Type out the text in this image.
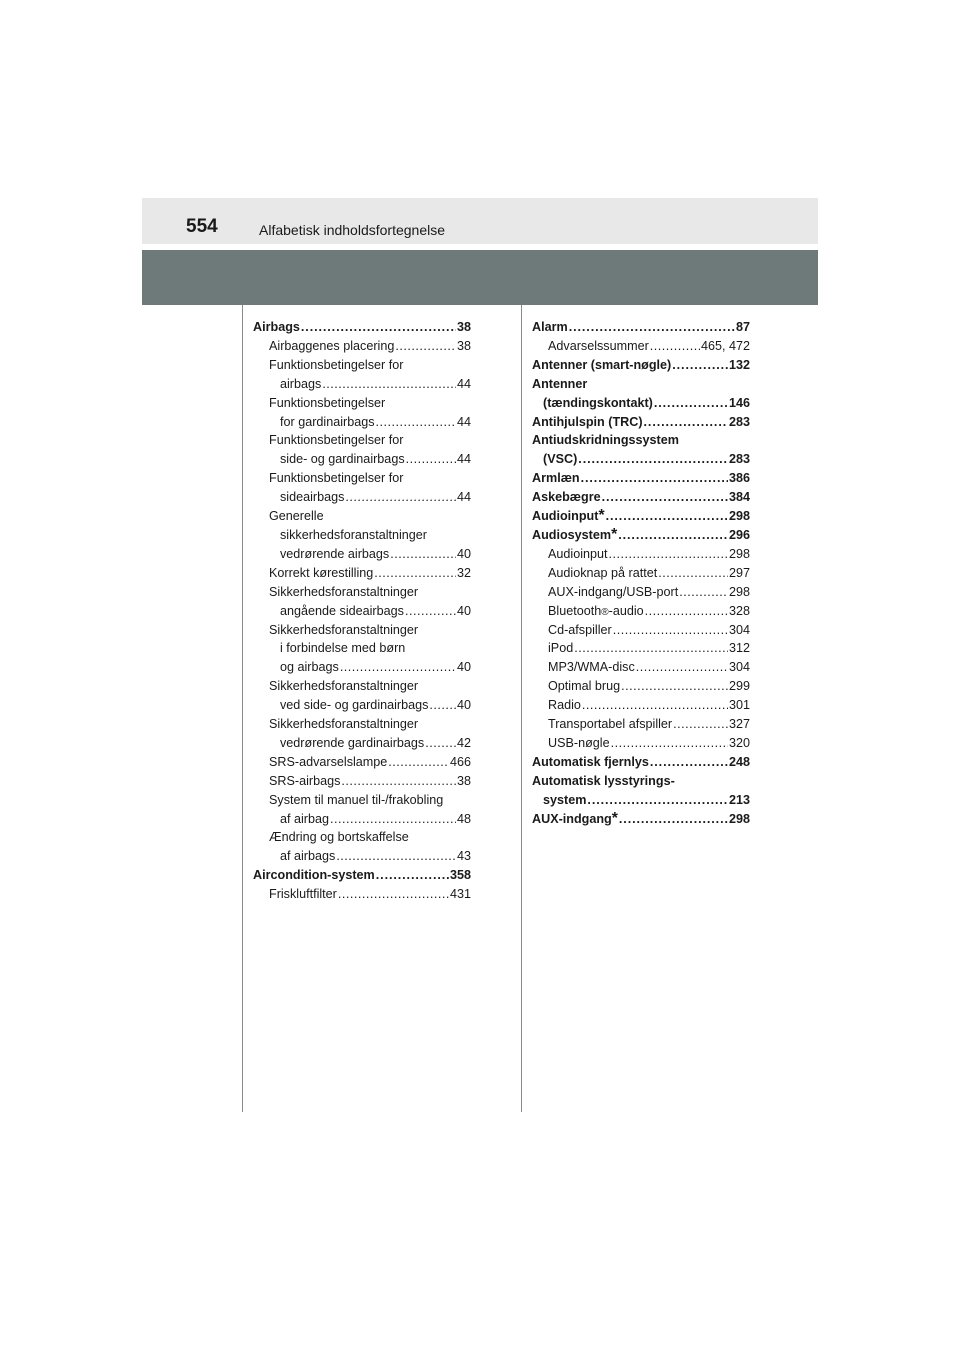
554	Alfabetisk indholdsfortegnelse
Airbags .....	38
Airbaggenes placering .....	38
Funktionsbetingelser for
airbags .....	44
Funktionsbetingelser
for gardinairbags .....	44
Funktionsbetingelser for
side- og gardinairbags .....	44
Funktionsbetingelser for
sideairbags .....	44
Generelle
sikkerhedsforanstaltninger
vedrørende airbags .....	40
Korrekt kørestilling .....	32
Sikkerhedsforanstaltninger
angående sideairbags .....	40
Sikkerhedsforanstaltninger
i forbindelse med børn
og airbags .....	40
Sikkerhedsforanstaltninger
ved side- og gardinairbags ..... 40
Sikkerhedsforanstaltninger
vedrørende gardinairbags .....	42
SRS-advarselslampe .....	466
SRS-airbags .....	38
System til manuel til-/frakobling
af airbag .....	48
Ændring og bortskaffelse
af airbags .....	43
Aircondition-system .....	358
Friskluftfilter .....	431
Alarm .....	87
Advarselssummer .....	465, 472
Antenner (smart-nøgle) .....	132
Antenner
(tændingskontakt) .....	146
Antihjulspin (TRC) .....	283
Antiudskridningssystem
(VSC) .....	283
Armlæn .....	386
Askebægre .....	384
Audioinput * .....	298
Audiosystem * .....	296
Audioinput .....	298
Audioknap på rattet .....	297
AUX-indgang/USB-port .....	298
Bluetooth ® -audio .....	328
Cd-afspiller .....	304
iPod .....	312
MP3/WMA-disc .....	304
Optimal brug .....	299
Radio .....	301
Transportabel afspiller .....	327
USB-nøgle .....	320
Automatisk fjernlys .....	248
Automatisk lysstyrings-
system .....	213
AUX-indgang * .....	298
